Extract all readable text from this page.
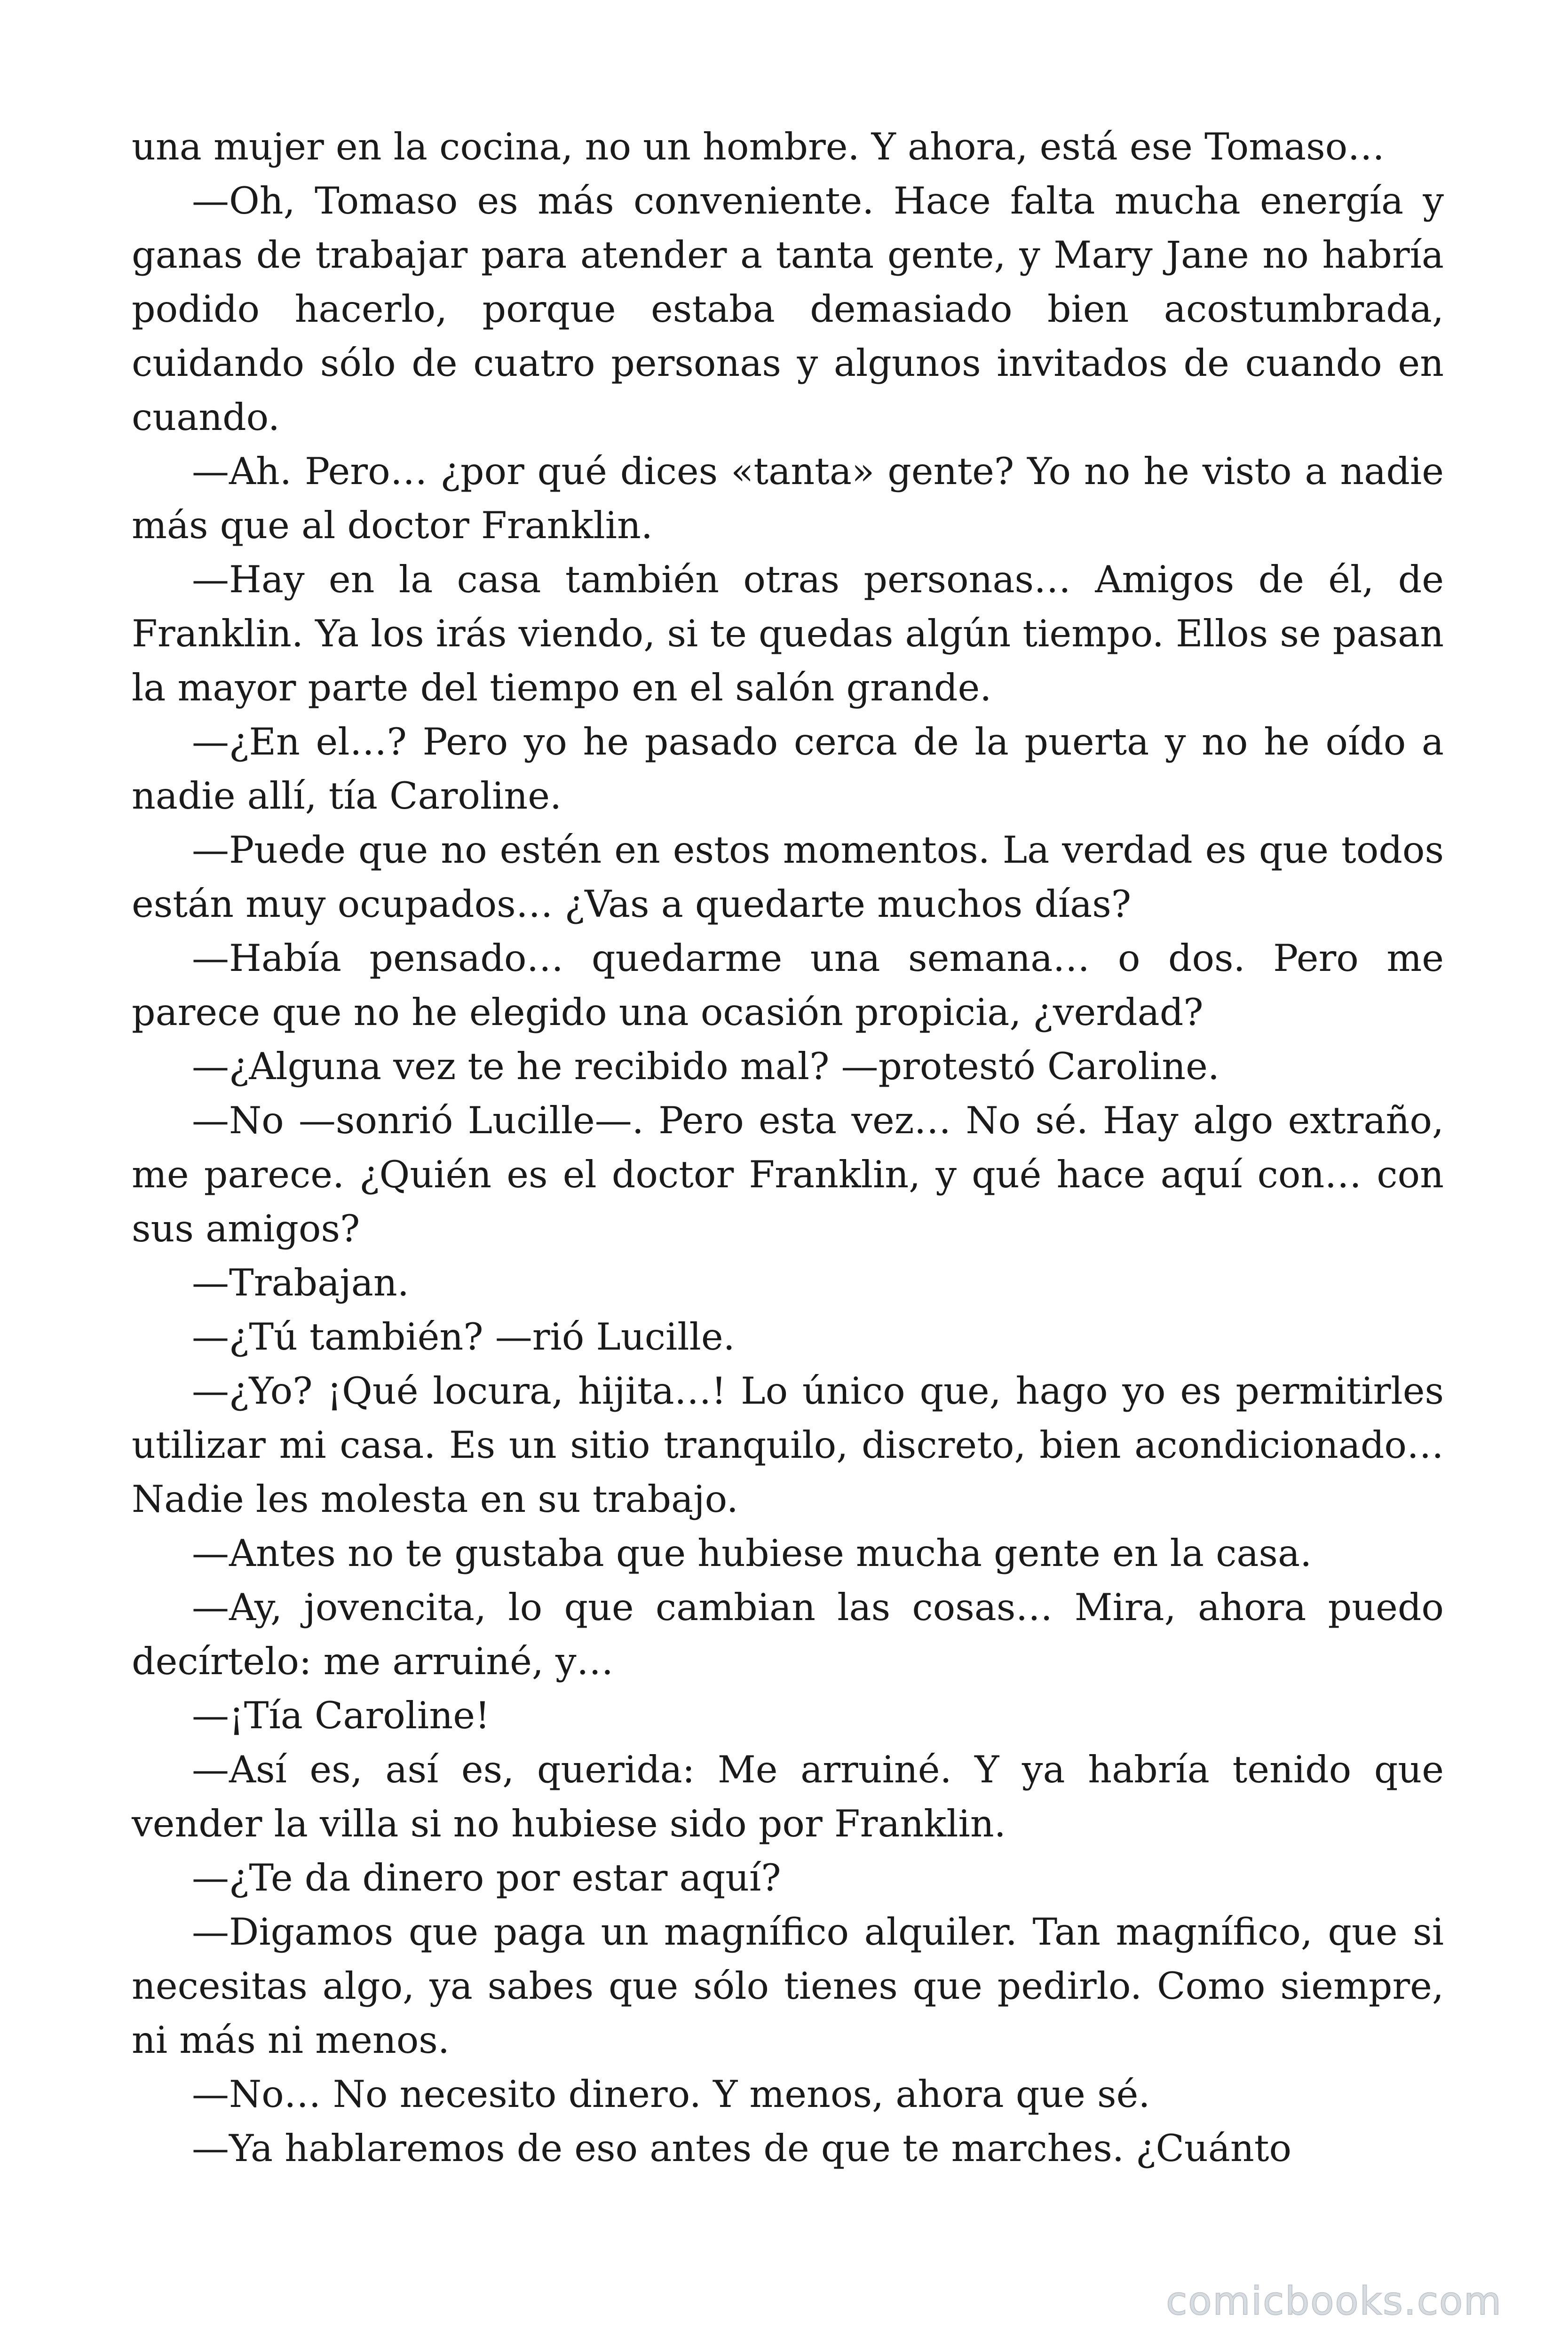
una mujer en la cocina, no un hombre. Y ahora, está ese Tomaso…

—Oh, Tomaso es más conveniente. Hace falta mucha energía y ganas de trabajar para atender a tanta gente, y Mary Jane no habría podido hacerlo, porque estaba demasiado bien acostumbrada, cuidando sólo de cuatro personas y algunos invitados de cuando en cuando.

—Ah. Pero… ¿por qué dices «tanta» gente? Yo no he visto a nadie más que al doctor Franklin.

—Hay en la casa también otras personas… Amigos de él, de Franklin. Ya los irás viendo, si te quedas algún tiempo. Ellos se pasan la mayor parte del tiempo en el salón grande.

—¿En el…? Pero yo he pasado cerca de la puerta y no he oído a nadie allí, tía Caroline.

—Puede que no estén en estos momentos. La verdad es que todos están muy ocupados… ¿Vas a quedarte muchos días?

—Había pensado… quedarme una semana… o dos. Pero me parece que no he elegido una ocasión propicia, ¿verdad?

—¿Alguna vez te he recibido mal? —protestó Caroline.

—No —sonrió Lucille—. Pero esta vez… No sé. Hay algo extraño, me parece. ¿Quién es el doctor Franklin, y qué hace aquí con… con sus amigos?

—Trabajan.

—¿Tú también? —rió Lucille.

—¿Yo? ¡Qué locura, hijita…! Lo único que, hago yo es permitirles utilizar mi casa. Es un sitio tranquilo, discreto, bien acondicionado… Nadie les molesta en su trabajo.

—Antes no te gustaba que hubiese mucha gente en la casa.

—Ay, jovencita, lo que cambian las cosas… Mira, ahora puedo decírtelo: me arruiné, y…

—¡Tía Caroline!

—Así es, así es, querida: Me arruiné. Y ya habría tenido que vender la villa si no hubiese sido por Franklin.

—¿Te da dinero por estar aquí?

—Digamos que paga un magnífico alquiler. Tan magnífico, que si necesitas algo, ya sabes que sólo tienes que pedirlo. Como siempre, ni más ni menos.

—No… No necesito dinero. Y menos, ahora que sé.

—Ya hablaremos de eso antes de que te marches. ¿Cuánto

comicbooks.com
